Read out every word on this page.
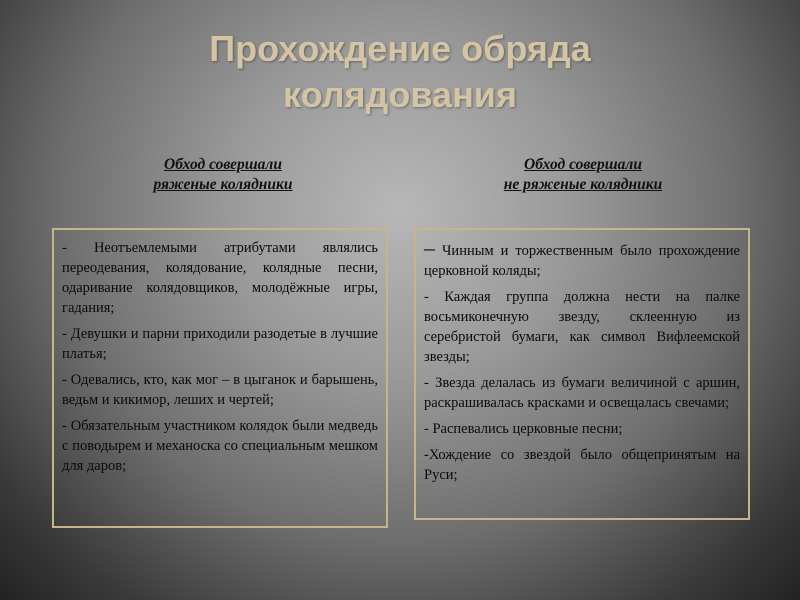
Прохождение обряда
колядования
Обход совершали
ряженые колядники
Обход совершали
не ряженые колядники

- Неотъемлемыми атрибутами являлись переодевания, колядование, колядные песни, одаривание колядовщиков, молодёжные игры, гадания;

- Девушки и парни приходили разодетые в лучшие платья;

- Одевались, кто, как мог – в цыганок и барышень, ведьм и кикимор, леших и чертей;

- Обязательным участником колядок были медведь с поводырем и механоска со специальным мешком для даров;

– Чинным и торжественным было прохождение церковной коляды;

- Каждая группа должна нести на палке восьмиконечную звезду, склеенную из серебристой бумаги, как символ Вифлеемской звезды;

- Звезда делалась из бумаги величиной с аршин, раскрашивалась красками и освещалась свечами;

- Распевались церковные песни;

-Хождение со звездой было общепринятым на Руси;
